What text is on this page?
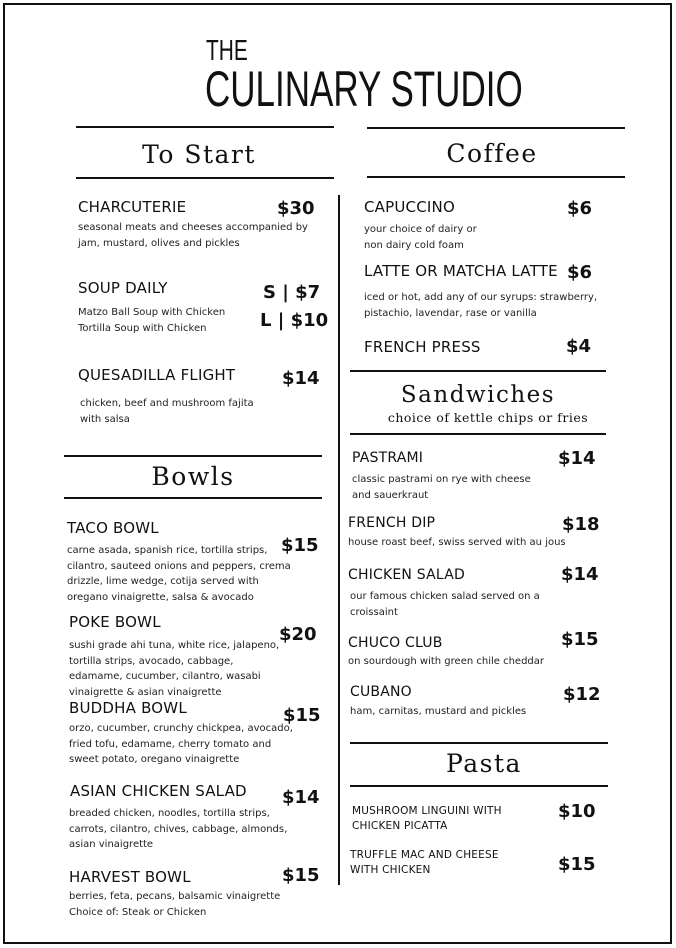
THE
CULINARY STUDIO
To Start
CHARCUTERIE	$30
seasonal meats and cheeses accompanied by jam, mustard, olives and pickles
SOUP DAILY	S | $7
L | $10
Matzo Ball Soup with Chicken
Tortilla Soup with Chicken
QUESADILLA FLIGHT	$14
chicken, beef and mushroom fajita with salsa
Bowls
TACO BOWL
$15
carne asada, spanish rice, tortilla strips, cilantro, sauteed onions and peppers, crema drizzle, lime wedge, cotija served with oregano vinaigrette, salsa & avocado
POKE BOWL
$20
sushi grade ahi tuna, white rice, jalapeno, tortilla strips, avocado, cabbage, edamame, cucumber, cilantro, wasabi vinaigrette & asian vinaigrette
BUDDHA BOWL	$15
orzo, cucumber, crunchy chickpea, avocado, fried tofu, edamame, cherry tomato and sweet potato, oregano vinaigrette
ASIAN CHICKEN SALAD $14
breaded chicken, noodles, tortilla strips, carrots, cilantro, chives, cabbage, almonds, asian vinaigrette
HARVEST BOWL	$15
berries, feta, pecans, balsamic vinaigrette
Choice of: Steak or Chicken
Coffee
CAPUCCINO	$6
your choice of dairy or non dairy cold foam
LATTE OR MATCHA LATTE $6
iced or hot, add any of our syrups: strawberry, pistachio, lavendar, rase or vanilla
FRENCH PRESS	$4
Sandwiches
choice of kettle chips or fries
PASTRAMI	$14
classic pastrami on rye with cheese and sauerkraut
FRENCH DIP	$18
house roast beef, swiss served with au jous
CHICKEN SALAD	$14
our famous chicken salad served on a croissaint
CHUCO CLUB	$15
on sourdough with green chile cheddar
CUBANO	$12
ham, carnitas, mustard and pickles
Pasta
MUSHROOM LINGUINI WITH CHICKEN PICATTA
$10
TRUFFLE MAC AND CHEESE WITH CHICKEN	$15
